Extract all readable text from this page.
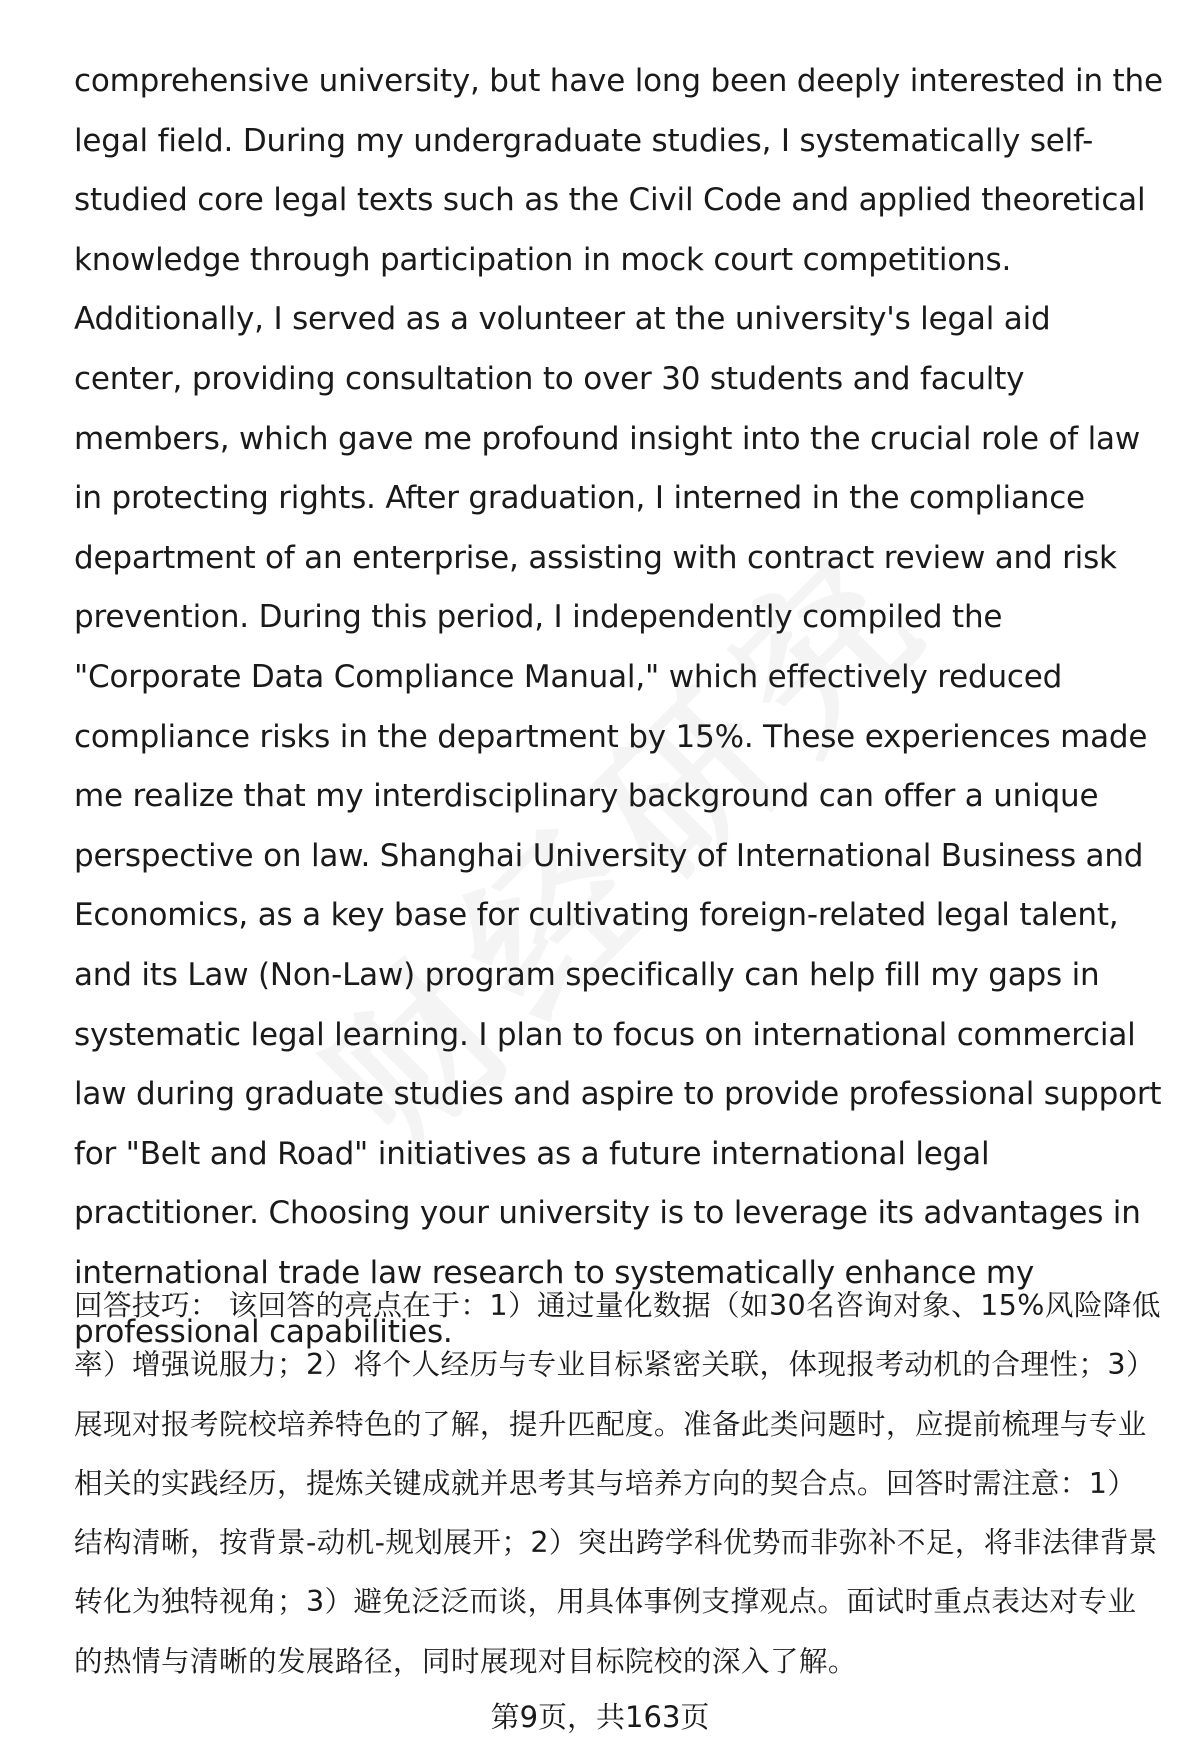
comprehensive university, but have long been deeply interested in the legal field. During my undergraduate studies, I systematically self-studied core legal texts such as the Civil Code and applied theoretical knowledge through participation in mock court competitions. Additionally, I served as a volunteer at the university's legal aid center, providing consultation to over 30 students and faculty members, which gave me profound insight into the crucial role of law in protecting rights. After graduation, I interned in the compliance department of an enterprise, assisting with contract review and risk prevention. During this period, I independently compiled the "Corporate Data Compliance Manual," which effectively reduced compliance risks in the department by 15%. These experiences made me realize that my interdisciplinary background can offer a unique perspective on law. Shanghai University of International Business and Economics, as a key base for cultivating foreign-related legal talent, and its Law (Non-Law) program specifically can help fill my gaps in systematic legal learning. I plan to focus on international commercial law during graduate studies and aspire to provide professional support for "Belt and Road" initiatives as a future international legal practitioner. Choosing your university is to leverage its advantages in international trade law research to systematically enhance my professional capabilities.

回答技巧： 该回答的亮点在于：1）通过量化数据（如30名咨询对象、15%风险降低率）增强说服力；2）将个人经历与专业目标紧密关联，体现报考动机的合理性；3）展现对报考院校培养特色的了解，提升匹配度。准备此类问题时，应提前梳理与专业相关的实践经历，提炼关键成就并思考其与培养方向的契合点。回答时需注意：1）结构清晰，按背景-动机-规划展开；2）突出跨学科优势而非弥补不足，将非法律背景转化为独特视角；3）避免泛泛而谈，用具体事例支撑观点。面试时重点表达对专业的热情与清晰的发展路径，同时展现对目标院校的深入了解。

第9页，共163页
